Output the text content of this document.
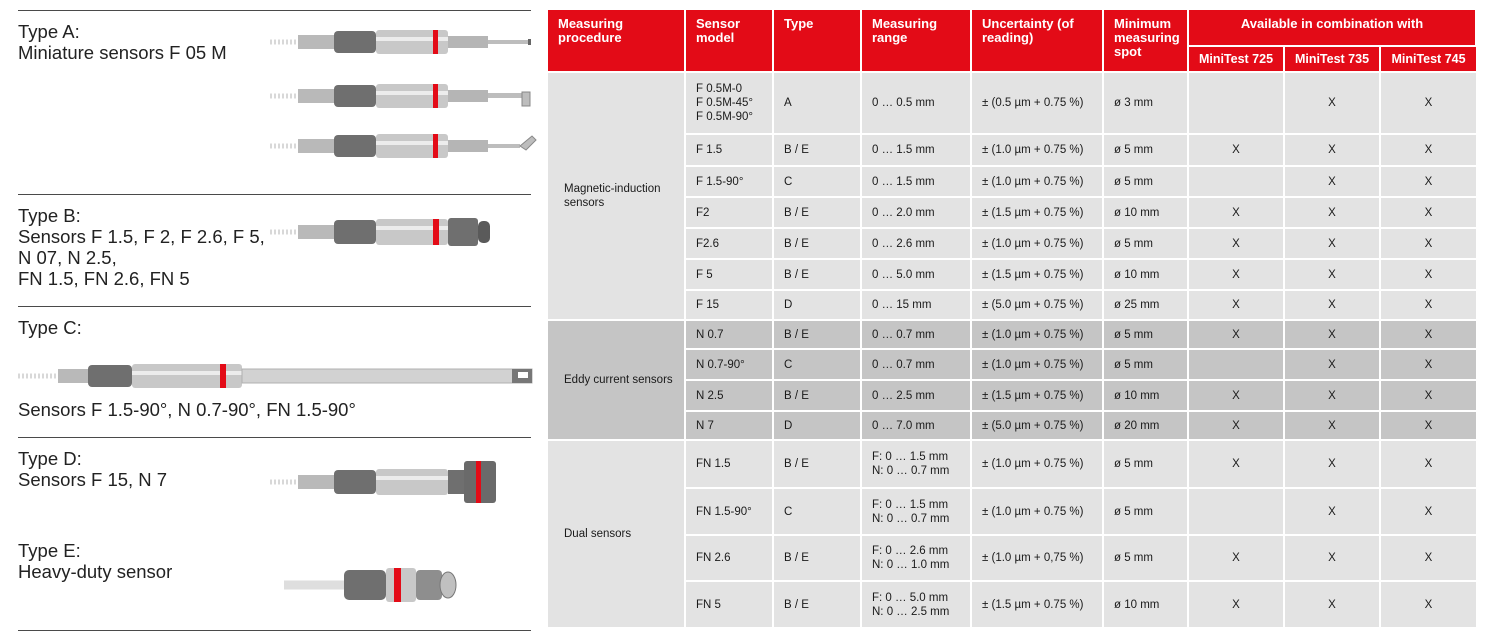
Type A:
Miniature sensors F 05 M
Type B:
Sensors F 1.5, F 2, F 2.6, F 5,
N 07, N 2.5,
FN 1.5, FN 2.6, FN 5
Type C:
Sensors F 1.5-90°, N 0.7-90°, FN 1.5-90°
Type D:
Sensors F 15, N 7
Type E:
Heavy-duty sensor
Measuring procedure	Sensor model	Type	Measuring range	Uncertainty (of reading)	Minimum measuring spot	Available in combination with		
						MiniTest 725	MiniTest 735	MiniTest 745
Magnetic-induction sensors	F 0.5M-0
F 0.5M-45°
F 0.5M-90°	A	0 … 0.5 mm	± (0.5 µm + 0.75 %)	ø 3 mm		X	X
	F 1.5	B / E	0 … 1.5 mm	± (1.0 µm + 0.75 %)	ø 5 mm	X	X	X
	F 1.5-90°	C	0 … 1.5 mm	± (1.0 µm + 0.75 %)	ø 5 mm		X	X
	F2	B / E	0 … 2.0 mm	± (1.5 µm + 0.75 %)	ø 10 mm	X	X	X
	F2.6	B / E	0 … 2.6 mm	± (1.0 µm + 0.75 %)	ø 5 mm	X	X	X
	F 5	B / E	0 … 5.0 mm	± (1.5 µm + 0.75 %)	ø 10 mm	X	X	X
	F 15	D	0 … 15 mm	± (5.0 µm + 0.75 %)	ø 25 mm	X	X	X
Eddy current sensors	N 0.7	B / E	0 … 0.7 mm	± (1.0 µm + 0.75 %)	ø 5 mm	X	X	X
	N 0.7-90°	C	0 … 0.7 mm	± (1.0 µm + 0.75 %)	ø 5 mm		X	X
	N 2.5	B / E	0 … 2.5 mm	± (1.5 µm + 0.75 %)	ø 10 mm	X	X	X
	N 7	D	0 … 7.0 mm	± (5.0 µm + 0.75 %)	ø 20 mm	X	X	X
Dual sensors	FN 1.5	B / E	F: 0 … 1.5 mm
N: 0 … 0.7 mm	± (1.0 µm + 0.75 %)	ø 5 mm	X	X	X
	FN 1.5-90°	C	F: 0 … 1.5 mm
N: 0 … 0.7 mm	± (1.0 µm + 0.75 %)	ø 5 mm		X	X
	FN 2.6	B / E	F: 0 … 2.6 mm
N: 0 … 1.0 mm	± (1.0 µm + 0,75 %)	ø 5 mm	X	X	X
	FN 5	B / E	F: 0 … 5.0 mm
N: 0 … 2.5 mm	± (1.5 µm + 0.75 %)	ø 10 mm	X	X	X
